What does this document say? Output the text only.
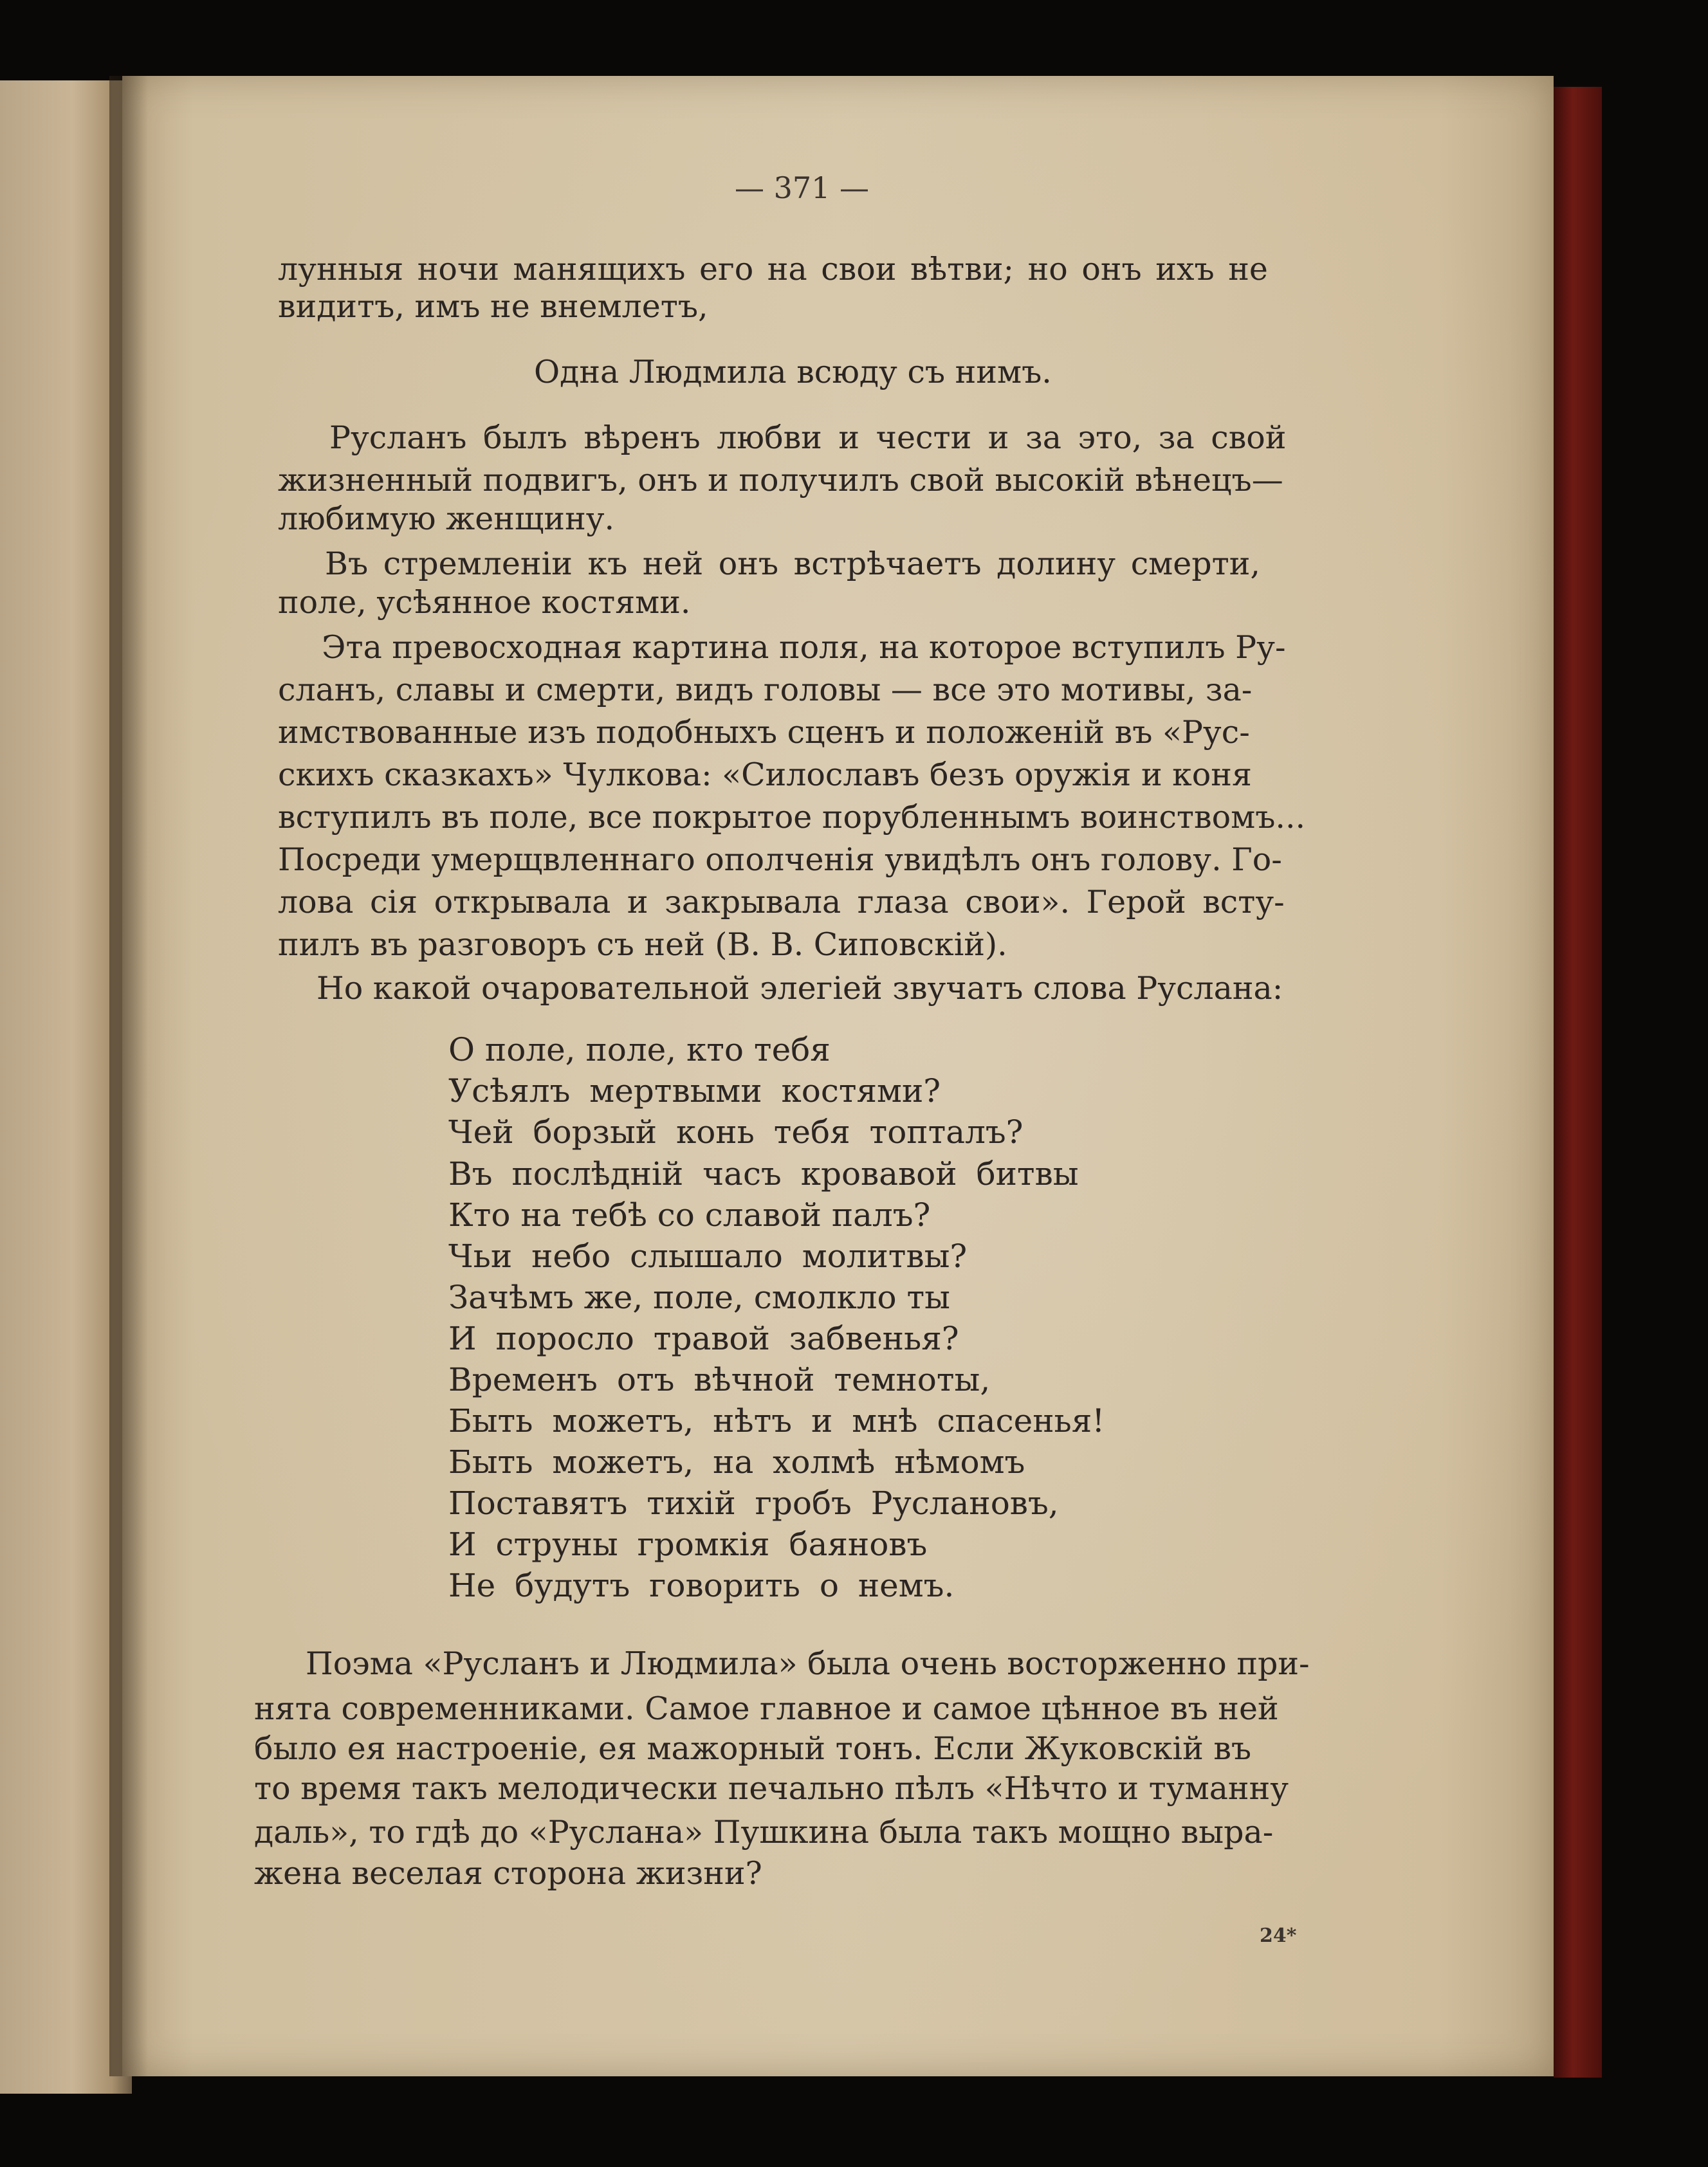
— 371 —
лунныя ночи манящихъ его на свои вѣтви; но онъ ихъ не
видитъ, имъ не внемлетъ,
Одна Людмила всюду съ нимъ.
Русланъ былъ вѣренъ любви и чести и за это, за свой
жизненный подвигъ, онъ и получилъ свой высокій вѣнецъ—
любимую женщину.
Въ стремленіи къ ней онъ встрѣчаетъ долину смерти,
поле, усѣянное костями.
Эта превосходная картина поля, на которое вступилъ Ру-
сланъ, славы и смерти, видъ головы — все это мотивы, за-
имствованные изъ подобныхъ сценъ и положеній въ «Рус-
скихъ сказкахъ» Чулкова: «Силославъ безъ оружія и коня
вступилъ въ поле, все покрытое порубленнымъ воинствомъ...
Посреди умерщвленнаго ополченія увидѣлъ онъ голову. Го-
лова сія открывала и закрывала глаза свои». Герой всту-
пилъ въ разговоръ съ ней (В. В. Сиповскій).
Но какой очаровательной элегіей звучатъ слова Руслана:
О поле, поле, кто тебя
Усѣялъ мертвыми костями?
Чей борзый конь тебя топталъ?
Въ послѣдній часъ кровавой битвы
Кто на тебѣ со славой палъ?
Чьи небо слышало молитвы?
Зачѣмъ же, поле, смолкло ты
И поросло травой забвенья?
Временъ отъ вѣчной темноты,
Быть можетъ, нѣтъ и мнѣ спасенья!
Быть можетъ, на холмѣ нѣмомъ
Поставятъ тихій гробъ Руслановъ,
И струны громкія баяновъ
Не будутъ говорить о немъ.
Поэма «Русланъ и Людмила» была очень восторженно при-
нята современниками. Самое главное и самое цѣнное въ ней
было ея настроеніе, ея мажорный тонъ. Если Жуковскій въ
то время такъ мелодически печально пѣлъ «Нѣчто и туманну
даль», то гдѣ до «Руслана» Пушкина была такъ мощно выра-
жена веселая сторона жизни?
24*
